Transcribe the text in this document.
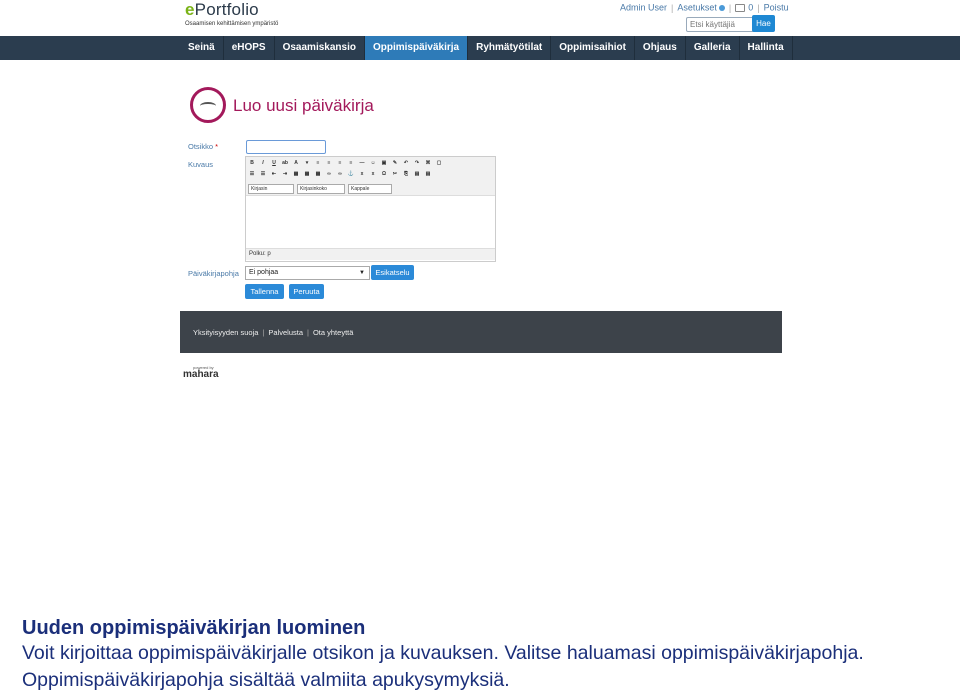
ePortfolio
Osaamisen kehittämisen ympäristö
Admin User | Asetukset | 0 | Poistu
Etsi käyttäjiä
Hae
Seinä	eHOPS	Osaamiskansio	Oppimispäiväkirja	Ryhmätyötilat	Oppimisaihiot	Ohjaus	Galleria	Hallinta
Luo uusi päiväkirja
Otsikko *
Kuvaus	B	I	U	ab	A	▾	≡	≡	≡	≡	—	☺	▣	✎	↶	↷	⌘	▢
☰	☰	⇤	⇥	▦	▦	▦	∞	∞	⚓	x	x	Ω	✂	⎘	▤	▤
Kirjasin	Kirjasinkoko	Kappale
Polku: p
Päiväkirjapohja	Ei pohjaa	▼	Esikatselu
Tallenna	Peruuta
Yksityisyyden suoja | Palvelusta | Ota yhteyttä
powered by
mahara
Uuden oppimispäiväkirjan luominen
Voit kirjoittaa oppimispäiväkirjalle otsikon ja kuvauksen. Valitse haluamasi oppimispäiväkirjapohja. Oppimispäiväkirjapohja sisältää valmiita apukysymyksiä.
